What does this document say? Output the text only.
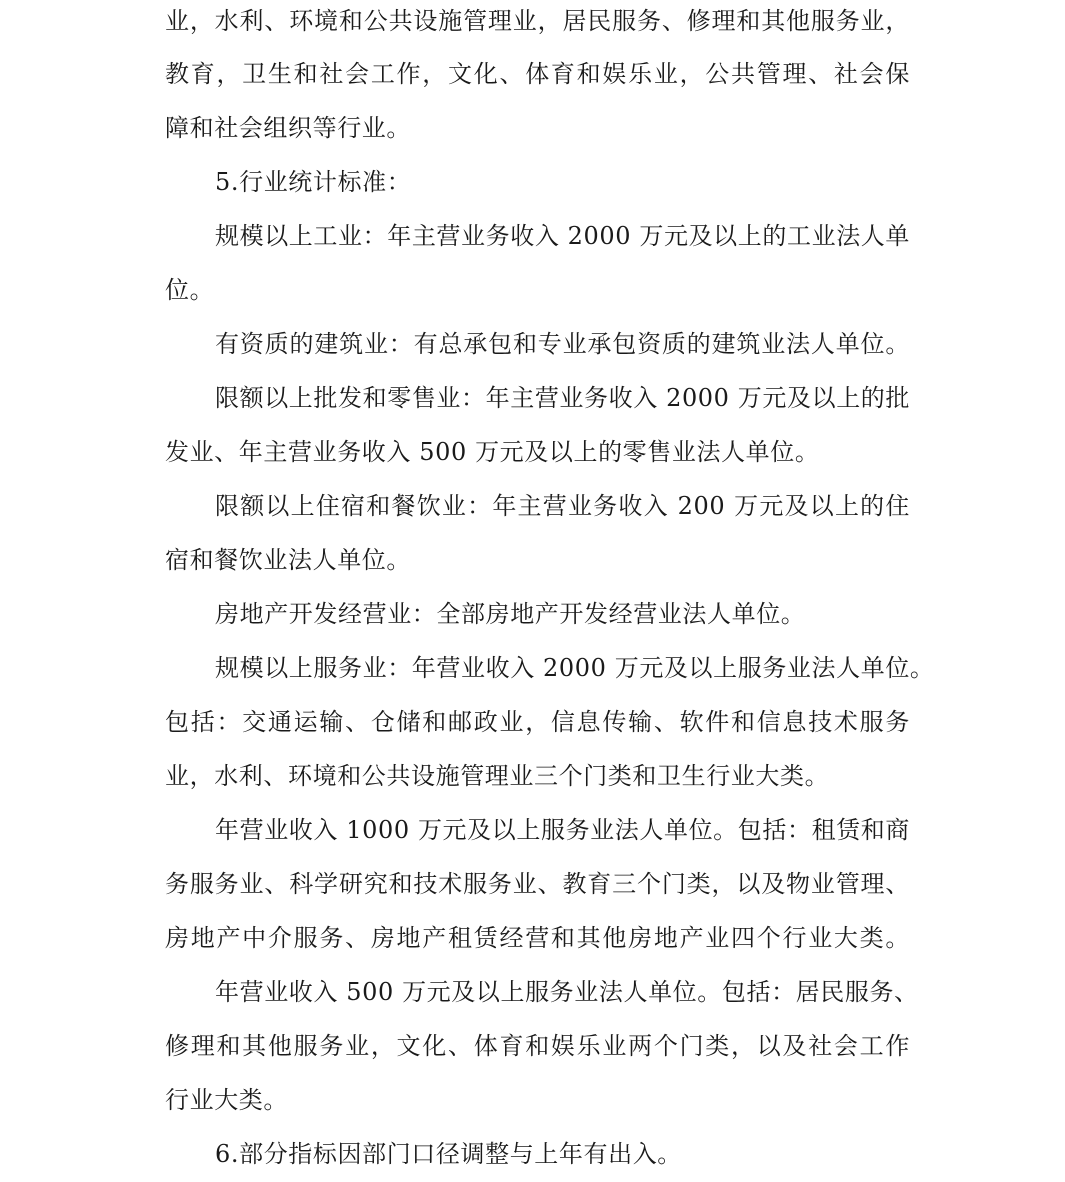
业，水利、环境和公共设施管理业，居民服务、修理和其他服务业，
教育，卫生和社会工作，文化、体育和娱乐业，公共管理、社会保
障和社会组织等行业。
5.行业统计标准：
规模以上工业：年主营业务收入 2000 万元及以上的工业法人单
位。
有资质的建筑业：有总承包和专业承包资质的建筑业法人单位。
限额以上批发和零售业：年主营业务收入 2000 万元及以上的批
发业、年主营业务收入 500 万元及以上的零售业法人单位。
限额以上住宿和餐饮业：年主营业务收入 200 万元及以上的住
宿和餐饮业法人单位。
房地产开发经营业：全部房地产开发经营业法人单位。
规模以上服务业：年营业收入 2000 万元及以上服务业法人单位。
包括：交通运输、仓储和邮政业，信息传输、软件和信息技术服务
业，水利、环境和公共设施管理业三个门类和卫生行业大类。
年营业收入 1000 万元及以上服务业法人单位。包括：租赁和商
务服务业、科学研究和技术服务业、教育三个门类，以及物业管理、
房地产中介服务、房地产租赁经营和其他房地产业四个行业大类。
年营业收入 500 万元及以上服务业法人单位。包括：居民服务、
修理和其他服务业，文化、体育和娱乐业两个门类，以及社会工作
行业大类。
6.部分指标因部门口径调整与上年有出入。
